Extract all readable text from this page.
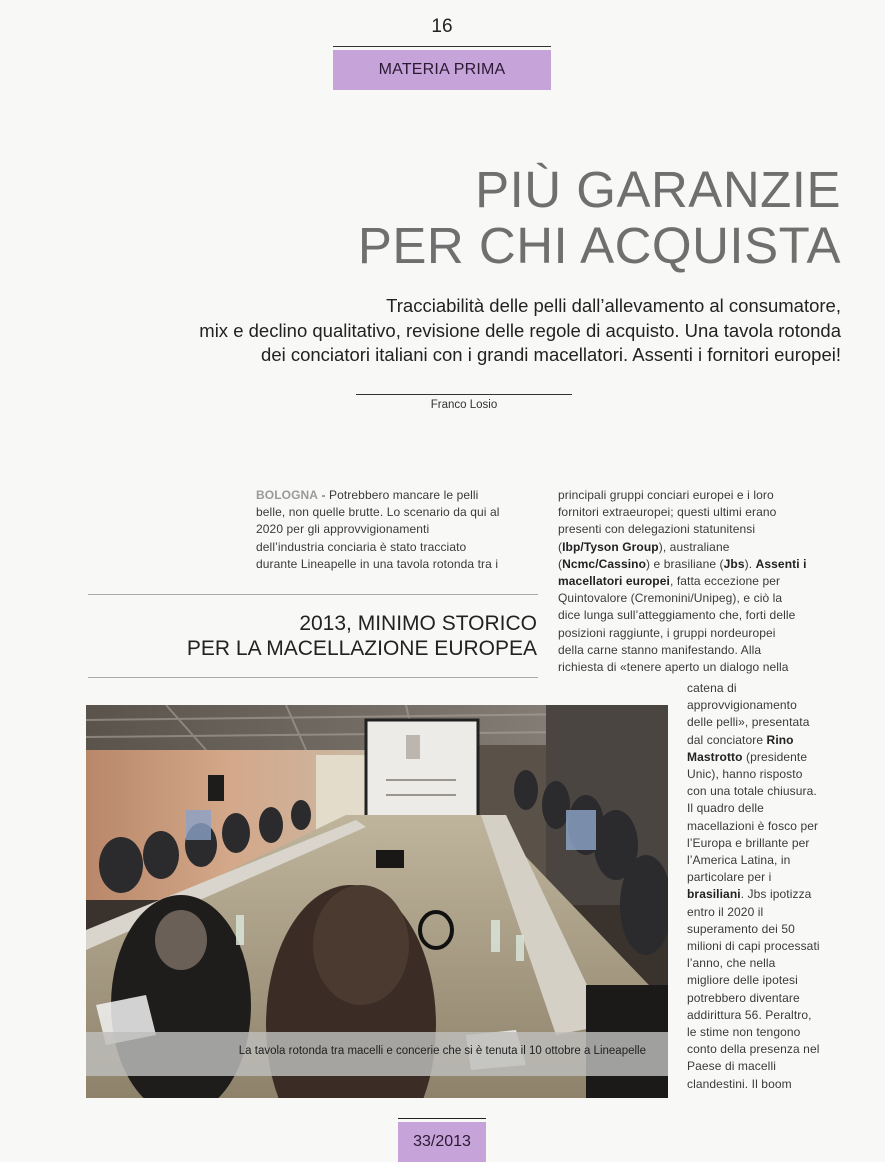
16
MATERIA PRIMA
PIÙ GARANZIE
PER CHI ACQUISTA
Tracciabilità delle pelli dall’allevamento al consumatore,
mix e declino qualitativo, revisione delle regole di acquisto. Una tavola rotonda
dei conciatori italiani con i grandi macellatori. Assenti i fornitori europei!
Franco Losio
BOLOGNA - Potrebbero mancare le pelli
belle, non quelle brutte. Lo scenario da qui al
2020 per gli approvvigionamenti
dell’industria conciaria è stato tracciato
durante Lineapelle in una tavola rotonda tra i
2013, MINIMO STORICO
PER LA MACELLAZIONE EUROPEA
principali gruppi conciari europei e i loro
fornitori extraeuropei; questi ultimi erano
presenti con delegazioni statunitensi
(Ibp/Tyson Group), australiane
(Ncmc/Cassino) e brasiliane (Jbs). Assenti i
macellatori europei, fatta eccezione per
Quintovalore (Cremonini/Unipeg), e ciò la
dice lunga sull’atteggiamento che, forti delle
posizioni raggiunte, i gruppi nordeuropei
della carne stanno manifestando. Alla
richiesta di «tenere aperto un dialogo nella
catena di
approvvigionamento
delle pelli», presentata
dal conciatore Rino
Mastrotto (presidente
Unic), hanno risposto
con una totale chiusura.
Il quadro delle
macellazioni è fosco per
l’Europa e brillante per
l’America Latina, in
particolare per i
brasiliani. Jbs ipotizza
entro il 2020 il
superamento dei 50
milioni di capi processati
l’anno, che nella
migliore delle ipotesi
potrebbero diventare
addirittura 56. Peraltro,
le stime non tengono
conto della presenza nel
Paese di macelli
clandestini. Il boom
La tavola rotonda tra macelli e concerie che si è tenuta il 10 ottobre a Lineapelle
33/2013
